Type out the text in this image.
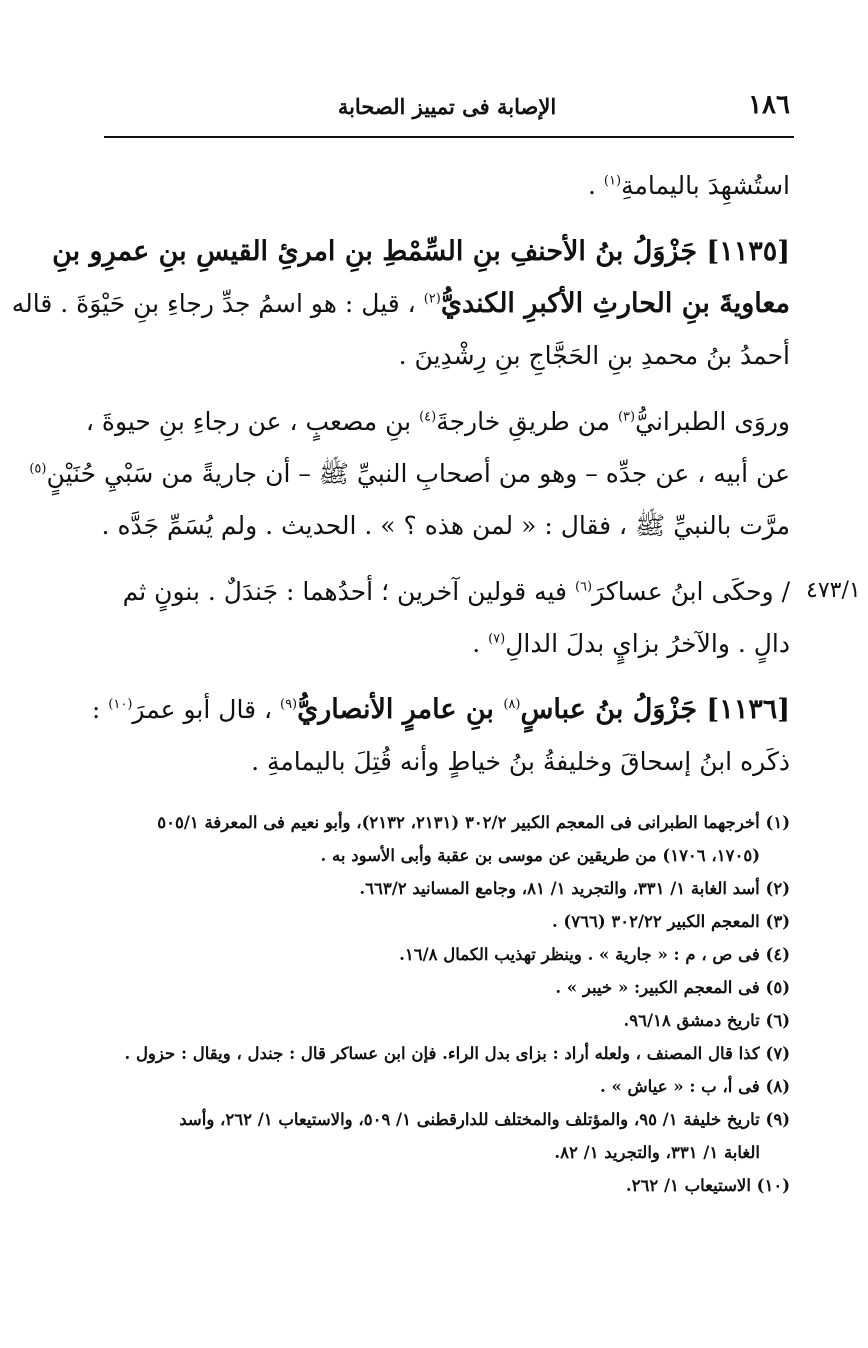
١٨٦
الإصابة فى تمييز الصحابة
٤٧٣/١
استُشهِدَ باليمامةِ$^{(١)}$ .
[١١٣٥] جَزْوَلُ بنُ الأحنفِ بنِ السِّمْطِ بنِ امرئِ القيسِ بنِ عمرِو بنِ
معاويةَ بنِ الحارثِ الأكبرِ الكنديُّ$^{(٢)}$ ، قيل : هو اسمُ جدِّ رجاءِ بنِ حَيْوَةَ . قاله
أحمدُ بنُ محمدِ بنِ الحَجَّاجِ بنِ رِشْدِينَ .
وروَى الطبرانيُّ$^{(٣)}$ من طريقِ خارجةَ$^{(٤)}$ بنِ مصعبٍ ، عن رجاءِ بنِ حيوةَ ،
عن أبيه ، عن جدِّه – وهو من أصحابِ النبيِّ ﷺ – أن جاريةً من سَبْيِ حُنَيْنٍ$^{(٥)}$
مرَّت بالنبيِّ ﷺ ، فقال : « لمن هذه ؟ » . الحديث . ولم يُسَمِّ جَدَّه .
/ وحكَى ابنُ عساكرَ$^{(٦)}$ فيه قولين آخرين ؛ أحدُهما : جَندَلٌ . بنونٍ ثم
دالٍ . والآخرُ بزايٍ بدلَ الدالِ$^{(٧)}$ .
[١١٣٦] جَزْوَلُ بنُ عباسٍ$^{(٨)}$ بنِ عامرٍ الأنصاريُّ$^{(٩)}$ ، قال أبو عمرَ$^{(١٠)}$ :
ذكَره ابنُ إسحاقَ وخليفةُ بنُ خياطٍ وأنه قُتِلَ باليمامةِ .
(١) أخرجهما الطبرانى فى المعجم الكبير ٣٠٢/٢ (٢١٣١، ٢١٣٢)، وأبو نعيم فى المعرفة ٥٠٥/١
(١٧٠٥، ١٧٠٦) من طريقين عن موسى بن عقبة وأبى الأسود به .
(٢) أسد الغابة ١/ ٣٣١، والتجريد ١/ ٨١، وجامع المسانيد ٦٦٣/٢.
(٣) المعجم الكبير ٣٠٢/٢٢ (٧٦٦) .
(٤) فى ص ، م : « جارية » . وينظر تهذيب الكمال ١٦/٨.
(٥) فى المعجم الكبير: « خيبر » .
(٦) تاريخ دمشق ٩٦/١٨.
(٧) كذا قال المصنف ، ولعله أراد : بزاى بدل الراء. فإن ابن عساكر قال : جندل ، ويقال : حزول .
(٨) فى أ، ب : « عياش » .
(٩) تاريخ خليفة ١/ ٩٥، والمؤتلف والمختلف للدارقطنى ١/ ٥٠٩، والاستيعاب ١/ ٢٦٢، وأسد
الغابة ١/ ٣٣١، والتجريد ١/ ٨٢.
(١٠) الاستيعاب ١/ ٢٦٢.
